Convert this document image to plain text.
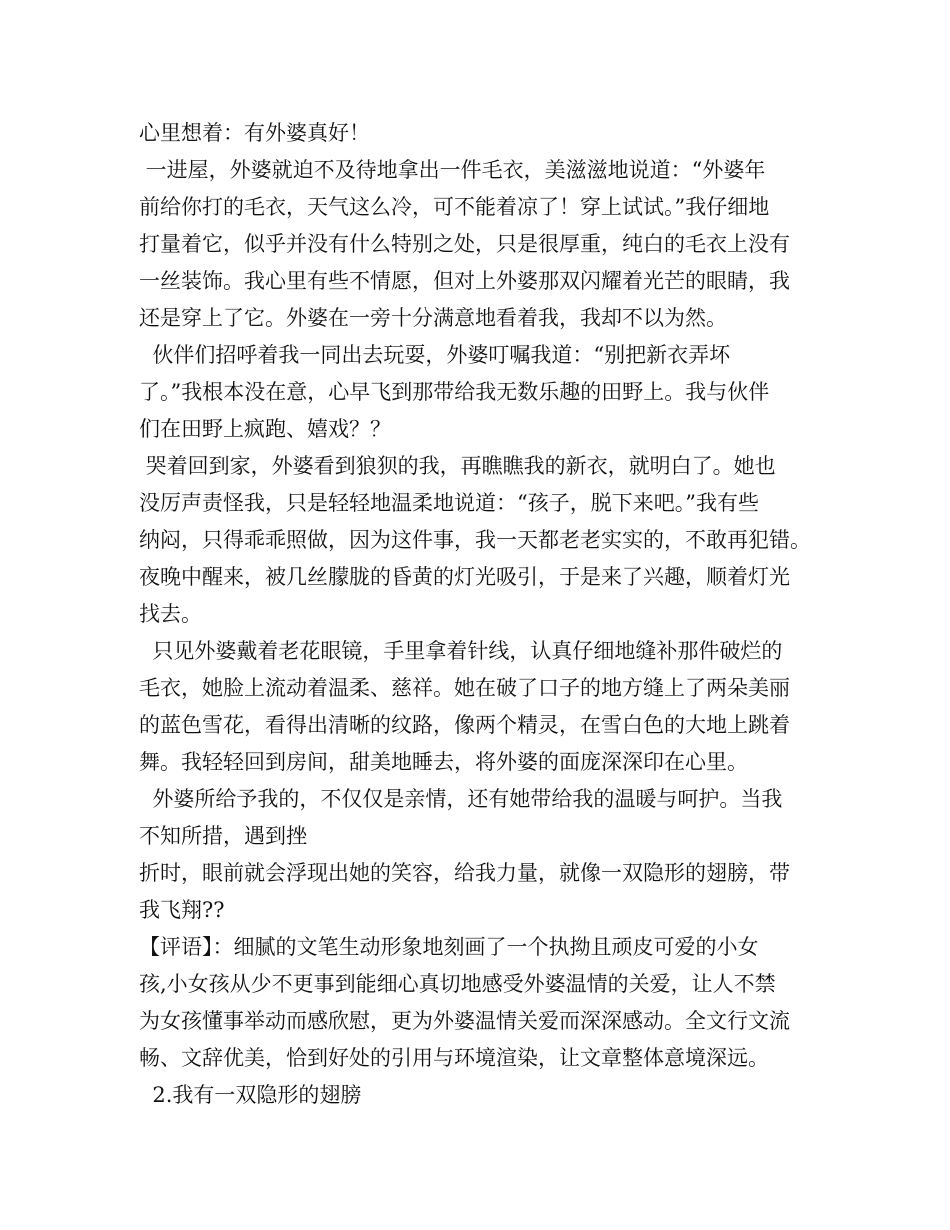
心里想着：有外婆真好！
一进屋，外婆就迫不及待地拿出一件毛衣，美滋滋地说道：“外婆年
前给你打的毛衣，天气这么冷，可不能着凉了！穿上试试。”我仔细地
打量着它，似乎并没有什么特别之处，只是很厚重，纯白的毛衣上没有
一丝装饰。我心里有些不情愿，但对上外婆那双闪耀着光芒的眼睛，我
还是穿上了它。外婆在一旁十分满意地看着我，我却不以为然。
伙伴们招呼着我一同出去玩耍，外婆叮嘱我道：“别把新衣弄坏
了。”我根本没在意，心早飞到那带给我无数乐趣的田野上。我与伙伴
们在田野上疯跑、嬉戏？？
哭着回到家，外婆看到狼狈的我，再瞧瞧我的新衣，就明白了。她也
没厉声责怪我，只是轻轻地温柔地说道：“孩子，脱下来吧。”我有些
纳闷，只得乖乖照做，因为这件事，我一天都老老实实的，不敢再犯错。
夜晚中醒来，被几丝朦胧的昏黄的灯光吸引，于是来了兴趣，顺着灯光
找去。
只见外婆戴着老花眼镜，手里拿着针线，认真仔细地缝补那件破烂的
毛衣，她脸上流动着温柔、慈祥。她在破了口子的地方缝上了两朵美丽
的蓝色雪花，看得出清晰的纹路，像两个精灵，在雪白色的大地上跳着
舞。我轻轻回到房间，甜美地睡去，将外婆的面庞深深印在心里。
外婆所给予我的，不仅仅是亲情，还有她带给我的温暖与呵护。当我
不知所措，遇到挫
折时，眼前就会浮现出她的笑容，给我力量，就像一双隐形的翅膀，带
我飞翔??
【评语】：细腻的文笔生动形象地刻画了一个执拗且顽皮可爱的小女
孩,小女孩从少不更事到能细心真切地感受外婆温情的关爱，让人不禁
为女孩懂事举动而感欣慰，更为外婆温情关爱而深深感动。全文行文流
畅、文辞优美，恰到好处的引用与环境渲染，让文章整体意境深远。
2.我有一双隐形的翅膀
